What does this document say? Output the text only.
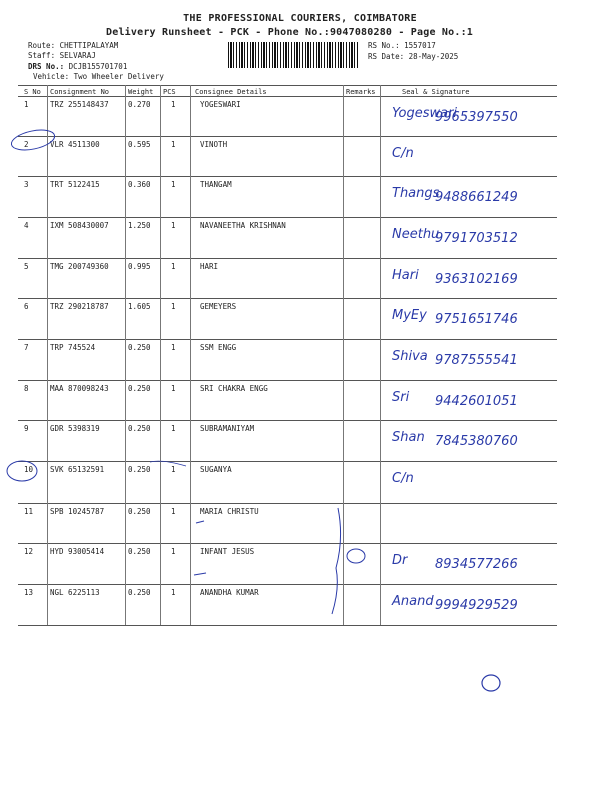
THE PROFESSIONAL COURIERS, COIMBATORE
Delivery Runsheet - PCK - Phone No.:9047080280 - Page No.:1
Route: CHETTIPALAYAM
Staff: SELVARAJ
DRS No.: DCJB155701701
Vehicle: Two Wheeler Delivery
RS No.: 1557017
RS Date: 28-May-2025
S No Consignment No	Weight PCS	Consignee Details	Remarks	Seal & Signature
1	TRZ 255148437	0.270	1	YOGESWARI
Yogeswari
9965397550
2	VLR 4511300	0.595	1	VINOTH
C/n
3	TRT 5122415	0.360	1	THANGAM
Thangs
9488661249
4	IXM 508430007	1.250	1	NAVANEETHA KRISHNAN
Neethu
9791703512
5	TMG 200749360	0.995	1	HARI
Hari 9363102169
6	TRZ 290218787	1.605	1	GEMEYERS
MyEy 9751651746
7	TRP 745524	0.250	1	SSM ENGG
Shiva 9787555541
8	MAA 870098243	0.250	1	SRI CHAKRA ENGG
Sri 9442601051
9	GDR 5398319	0.250	1	SUBRAMANIYAM
Shan 7845380760
10 SVK 65132591	0.250	1	SUGANYA
C/n
11 SPB 10245787	0.250	1	MARIA CHRISTU
12 HYD 93005414	0.250	1	INFANT JESUS
Dr 8934577266
13 NGL 6225113	0.250	1	ANANDHA KUMAR
Anand 9994929529
